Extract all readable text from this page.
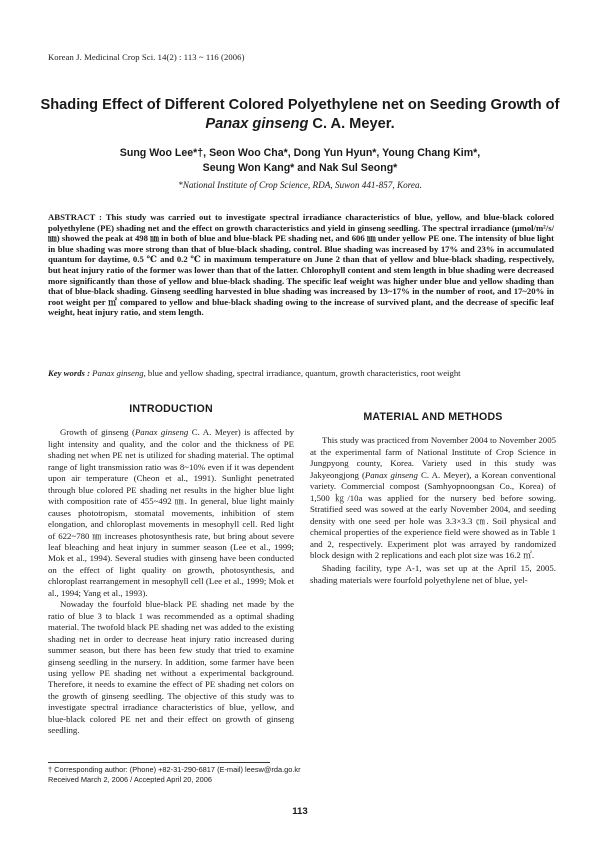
Korean J. Medicinal Crop Sci. 14(2) : 113 ~ 116 (2006)
Shading Effect of Different Colored Polyethylene net on Seeding Growth of
Panax ginseng C. A. Meyer.
Sung Woo Lee*†, Seon Woo Cha*, Dong Yun Hyun*, Young Chang Kim*,
Seung Won Kang* and Nak Sul Seong*
*National Institute of Crop Science, RDA, Suwon 441-857, Korea.

ABSTRACT : This study was carried out to investigate spectral irradiance characteristics of blue, yellow, and blue-black colored polyethylene (PE) shading net and the effect on growth characteristics and yield in ginseng seedling. The spectral irradiance (μmol/m²/s/㎚) showed the peak at 498 ㎚ in both of blue and blue-black PE shading net, and 606 ㎚ under yellow PE one. The intensity of blue light in blue shading was more strong than that of blue-black shading, control. Blue shading was increased by 17% and 23% in accumulated quantum for daytime, 0.5 ℃ and 0.2 ℃ in maximum temperature on June 2 than that of yellow and blue-black shading, respectively, but heat injury ratio of the former was lower than that of the latter. Chlorophyll content and stem length in blue shading were decreased more significantly than those of yellow and blue-black shading. The specific leaf weight was higher under blue and yellow shading than that of blue-black shading. Ginseng seedling harvested in blue shading was increased by 13~17% in the number of root, and 17~20% in root weight per ㎡ compared to yellow and blue-black shading owing to the increase of survived plant, and the decrease of specific leaf weight, heat injury ratio, and stem length.

Key words : Panax ginseng, blue and yellow shading, spectral irradiance, quantum, growth characteristics, root weight

INTRODUCTION

Growth of ginseng (Panax ginseng C. A. Meyer) is affected by light intensity and quality, and the color and the thickness of PE shading net when PE net is utilized for shading material. The optimal range of light transmission ratio was 8~10% even if it was dependent upon air temperature (Cheon et al., 1991). Sunlight penetrated through blue colored PE shading net results in the higher blue light with composition rate of 455~492 ㎚. In general, blue light mainly causes phototropism, stomatal movements, inhibition of stem elongation, and chloroplast movements in mesophyll cell. Red light of 622~780 ㎚ increases photosynthesis rate, but bring about severe leaf bleaching and heat injury in summer season (Lee et al., 1999; Mok et al., 1994). Several studies with ginseng have been conducted on the effect of light quality on growth, photosynthesis, and chloroplast rearrangement in mesophyll cell (Lee et al., 1999; Mok et al., 1994; Yang et al., 1993).

Nowaday the fourfold blue-black PE shading net made by the ratio of blue 3 to black 1 was recommended as a optimal shading material. The twofold black PE shading net was added to the existing shading net in order to decrease heat injury ratio increased during summer season, but there has been few study that tried to examine ginseng seedling in the nursery. In addition, some farmer have been using yellow PE shading net without a experimental background. Therefore, it needs to examine the effect of PE shading net colors on the growth of ginseng seedling. The objective of this study was to investigate spectral irradiance characteristics of blue, yellow, and blue-black colored PE net and their effect on growth of ginseng seedling.

MATERIAL AND METHODS

This study was practiced from November 2004 to November 2005 at the experimental farm of National Institute of Crop Science in Jungpyong county, Korea. Variety used in this study was Jakyeongjong (Panax ginseng C. A. Meyer), a Korean conventional variety. Commercial compost (Samhyopnoongsan Co., Korea) of 1,500 ㎏/10a was applied for the nursery bed before sowing. Stratified seed was sowed at the early November 2004, and seeding density with one seed per hole was 3.3×3.3 ㎝. Soil physical and chemical properties of the experience field were showed as in Table 1 and 2, respectively. Experiment plot was arrayed by randomized block design with 2 replications and each plot size was 16.2 ㎡.

Shading facility, type A-1, was set up at the April 15, 2005. shading materials were fourfold polyethylene net of blue, yel-

† Corresponding author: (Phone) +82-31-290-6817 (E-mail) leesw@rda.go.kr
Received March 2, 2006 / Accepted April 20, 2006
113
